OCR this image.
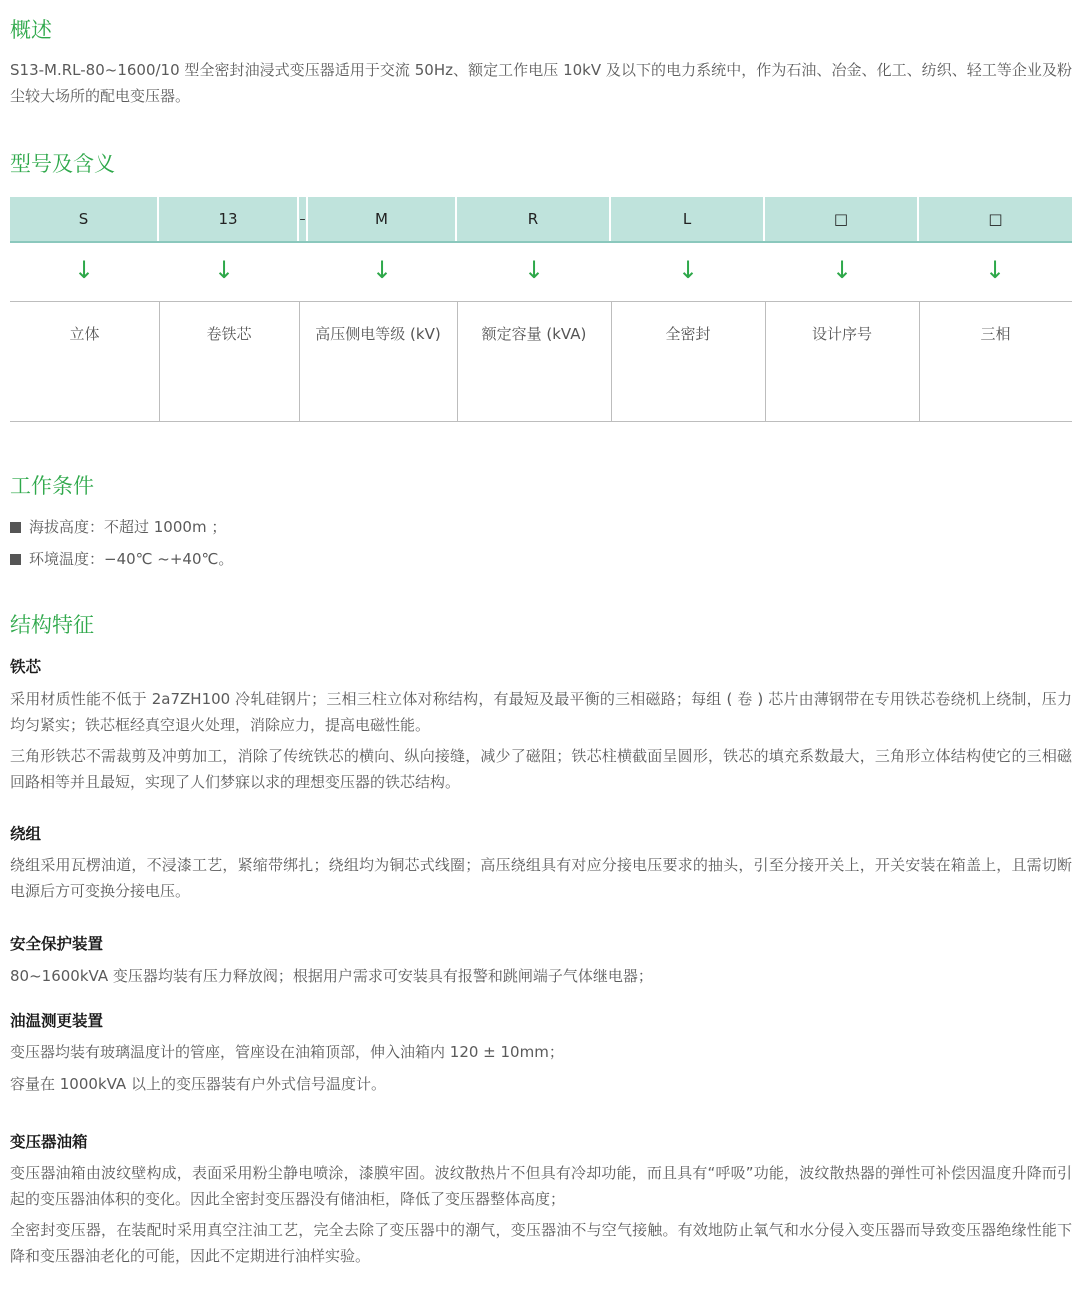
概述

S13-M.RL-80~1600/10 型全密封油浸式变压器适用于交流 50Hz、额定工作电压 10kV 及以下的电力系统中，作为石油、冶金、化工、纺织、轻工等企业及粉尘较大场所的配电变压器。

型号及含义
S	13	–	M	R	L	□	□
↓	↓	↓	↓	↓	↓	↓
立体	卷铁芯	高压侧电等级 (kV)	额定容量 (kVA)	全密封	设计序号	三相
工作条件
海拔高度：不超过 1000m ；
环境温度：−40℃ ~+40℃。
结构特征
铁芯

采用材质性能不低于 2a7ZH100 冷轧硅钢片；三相三柱立体对称结构，有最短及最平衡的三相磁路；每组 ( 卷 ) 芯片由薄钢带在专用铁芯卷绕机上绕制，压力均匀紧实；铁芯框经真空退火处理，消除应力，提高电磁性能。

三角形铁芯不需裁剪及冲剪加工，消除了传统铁芯的横向、纵向接缝，减少了磁阻；铁芯柱横截面呈圆形，铁芯的填充系数最大，三角形立体结构使它的三相磁回路相等并且最短，实现了人们梦寐以求的理想变压器的铁芯结构。

绕组

绕组采用瓦楞油道，不浸漆工艺，紧缩带绑扎；绕组均为铜芯式线圈；高压绕组具有对应分接电压要求的抽头，引至分接开关上，开关安装在箱盖上，且需切断电源后方可变换分接电压。

安全保护装置

80~1600kVA 变压器均装有压力释放阀；根据用户需求可安装具有报警和跳闸端子气体继电器；

油温测更装置

变压器均装有玻璃温度计的管座，管座设在油箱顶部，伸入油箱内 120 ± 10mm；

容量在 1000kVA 以上的变压器装有户外式信号温度计。

变压器油箱

变压器油箱由波纹壁构成，表面采用粉尘静电喷涂，漆膜牢固。波纹散热片不但具有冷却功能，而且具有“呼吸”功能，波纹散热器的弹性可补偿因温度升降而引起的变压器油体积的变化。因此全密封变压器没有储油柜，降低了变压器整体高度；

全密封变压器，在装配时采用真空注油工艺，完全去除了变压器中的潮气，变压器油不与空气接触。有效地防止氧气和水分侵入变压器而导致变压器绝缘性能下降和变压器油老化的可能，因此不定期进行油样实验。
